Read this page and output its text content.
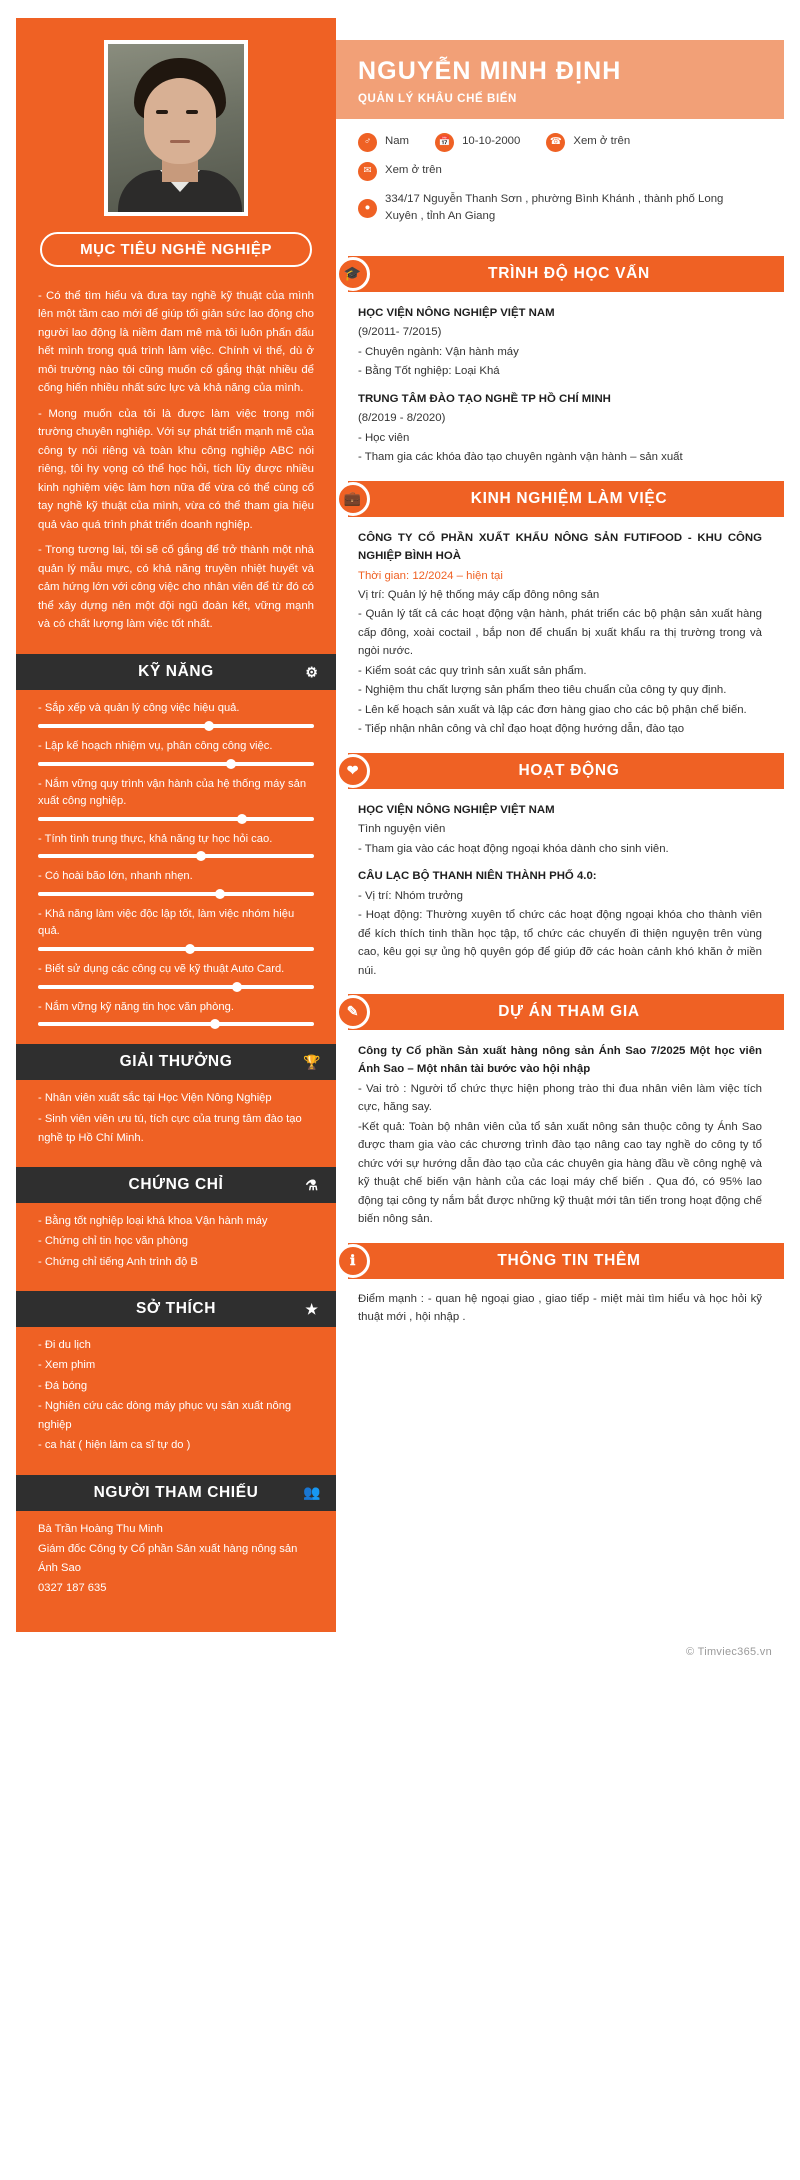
MỤC TIÊU NGHỀ NGHIỆP

- Có thể tìm hiểu và đưa tay nghề kỹ thuật của mình lên một tầm cao mới để giúp tối giản sức lao động cho người lao động là niềm đam mê mà tôi luôn phấn đấu hết mình trong quá trình làm việc. Chính vì thế, dù ở môi trường nào tôi cũng muốn cố gắng thật nhiều để cống hiến nhiều nhất sức lực và khả năng của mình.

- Mong muốn của tôi là được làm việc trong môi trường chuyên nghiệp. Với sự phát triển mạnh mẽ của công ty nói riêng và toàn khu công nghiệp ABC nói riêng, tôi hy vọng có thể học hỏi, tích lũy được nhiều kinh nghiệm việc làm hơn nữa để vừa có thể cùng cố tay nghề kỹ thuật của mình, vừa có thể tham gia hiệu quả vào quá trình phát triển doanh nghiệp.

- Trong tương lai, tôi sẽ cố gắng để trở thành một nhà quản lý mẫu mực, có khả năng truyền nhiệt huyết và cảm hứng lớn với công việc cho nhân viên để từ đó có thể xây dựng nên một đội ngũ đoàn kết, vững mạnh và có chất lượng làm việc tốt nhất.

KỸ NĂNG	⚙
- Sắp xếp và quản lý công việc hiệu quả.
- Lập kế hoạch nhiệm vụ, phân công công việc.
- Nắm vững quy trình vận hành của hệ thống máy sản xuất công nghiệp.
- Tính tình trung thực, khả năng tự học hỏi cao.
- Có hoài bão lớn, nhanh nhẹn.
- Khả năng làm việc độc lập tốt, làm việc nhóm hiệu quả.
- Biết sử dụng các công cụ vẽ kỹ thuật Auto Card.
- Nắm vững kỹ năng tin học văn phòng.
GIẢI THƯỞNG	🏆
- Nhân viên xuất sắc tại Học Viện Nông Nghiệp
- Sinh viên viên ưu tú, tích cực của trung tâm đào tạo nghề tp Hồ Chí Minh.
CHỨNG CHỈ	⚗
- Bằng tốt nghiệp loại khá khoa Vận hành máy
- Chứng chỉ tin học văn phòng
- Chứng chỉ tiếng Anh trình độ B
SỞ THÍCH	★
- Đi du lịch
- Xem phim
- Đá bóng
- Nghiên cứu các dòng máy phục vụ sản xuất nông nghiệp
- ca hát ( hiện làm ca sĩ tự do )
NGƯỜI THAM CHIẾU	👥
Bà Trần Hoàng Thu Minh
Giám đốc Công ty Cổ phần Sản xuất hàng nông sản Ánh Sao
0327 187 635
NGUYỄN MINH ĐỊNH
QUẢN LÝ KHÂU CHẾ BIẾN
♂	Nam	📅	10-10-2000	☎	Xem ở trên
✉	Xem ở trên
●
334/17 Nguyễn Thanh Sơn , phường Bình Khánh , thành phố Long Xuyên , tỉnh An Giang
🎓	TRÌNH ĐỘ HỌC VẤN
HỌC VIỆN NÔNG NGHIỆP VIỆT NAM
(9/2011- 7/2015)
- Chuyên ngành: Vận hành máy
- Bằng Tốt nghiệp: Loại Khá
TRUNG TÂM ĐÀO TẠO NGHỀ TP HỒ CHÍ MINH
(8/2019 - 8/2020)
- Học viên
- Tham gia các khóa đào tạo chuyên ngành vận hành – sản xuất
💼	KINH NGHIỆM LÀM VIỆC
CÔNG TY CỔ PHẦN XUẤT KHẨU NÔNG SẢN FUTIFOOD - KHU CÔNG NGHIỆP BÌNH HOÀ
Thời gian: 12/2024 – hiện tại
Vị trí: Quản lý hệ thống máy cấp đông nông sản
- Quản lý tất cả các hoạt động vận hành, phát triển các bộ phận sản xuất hàng cấp đông, xoài coctail , bắp non để chuẩn bị xuất khẩu ra thị trường trong và ngòi nước.
- Kiểm soát các quy trình sản xuất sản phẩm.
- Nghiệm thu chất lượng sản phẩm theo tiêu chuẩn của công ty quy định.
- Lên kế hoạch sản xuất và lập các đơn hàng giao cho các bộ phận chế biến.
- Tiếp nhận nhân công và chỉ đạo hoạt động hướng dẫn, đào tạo
❤	HOẠT ĐỘNG
HỌC VIỆN NÔNG NGHIỆP VIỆT NAM
Tình nguyện viên
- Tham gia vào các hoạt động ngoại khóa dành cho sinh viên.
CÂU LẠC BỘ THANH NIÊN THÀNH PHỐ 4.0:
- Vị trí: Nhóm trưởng
- Hoạt động: Thường xuyên tổ chức các hoạt động ngoại khóa cho thành viên để kích thích tinh thần học tập, tổ chức các chuyến đi thiện nguyện trên vùng cao, kêu gọi sự ủng hộ quyên góp để giúp đỡ các hoàn cảnh khó khăn ở miền núi.
✎	DỰ ÁN THAM GIA
Công ty Cổ phần Sản xuất hàng nông sản Ánh Sao 7/2025 Một học viên Ánh Sao – Một nhân tài bước vào hội nhập
- Vai trò : Người tổ chức thực hiện phong trào thi đua nhân viên làm việc tích cực, hăng say.
-Kết quả: Toàn bộ nhân viên của tổ sản xuất nông sản thuộc công ty Ánh Sao được tham gia vào các chương trình đào tạo nâng cao tay nghề do công ty tổ chức với sự hướng dẫn đào tạo của các chuyên gia hàng đầu về công nghệ và kỹ thuật chế biến vận hành của các loại máy chế biến . Qua đó, có 95% lao động tại công ty nắm bắt được những kỹ thuật mới tân tiến trong hoạt động chế biến nông sản.
ℹ	THÔNG TIN THÊM
Điểm mạnh : - quan hệ ngoại giao , giao tiếp - miệt mài tìm hiểu và học hỏi kỹ thuật mới , hội nhập .
© Timviec365.vn
